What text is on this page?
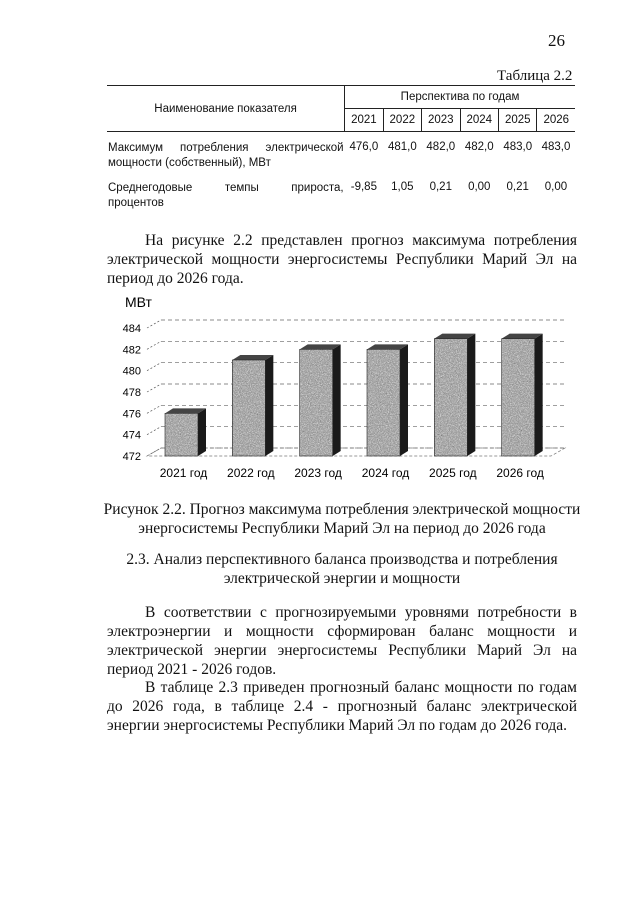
26
Таблица 2.2
Наименование показателя	Перспектива по годам					
	2021	2022	2023	2024	2025	2026
Максимум потребления электрической мощности (собственный), МВт	476,0	481,0	482,0	482,0	483,0	483,0
Среднегодовые темпы прироста, процентов	-9,85	1,05	0,21	0,00	0,21	0,00
На рисунке 2.2 представлен прогноз максимума потребления электрической мощности энергосистемы Республики Марий Эл на период до 2026 года.
МВт
484
482
480
478
476
474
472
2021 год 2022 год 2023 год 2024 год 2025 год 2026 год
Рисунок 2.2. Прогноз максимума потребления электрической мощности энергосистемы Республики Марий Эл на период до 2026 года
2.3. Анализ перспективного баланса производства и потребления электрической энергии и мощности
В соответствии с прогнозируемыми уровнями потребности в электроэнергии и мощности сформирован баланс мощности и электрической энергии энергосистемы Республики Марий Эл на период 2021 - 2026 годов.
В таблице 2.3 приведен прогнозный баланс мощности по годам до 2026 года, в таблице 2.4 - прогнозный баланс электрической энергии энергосистемы Республики Марий Эл по годам до 2026 года.
